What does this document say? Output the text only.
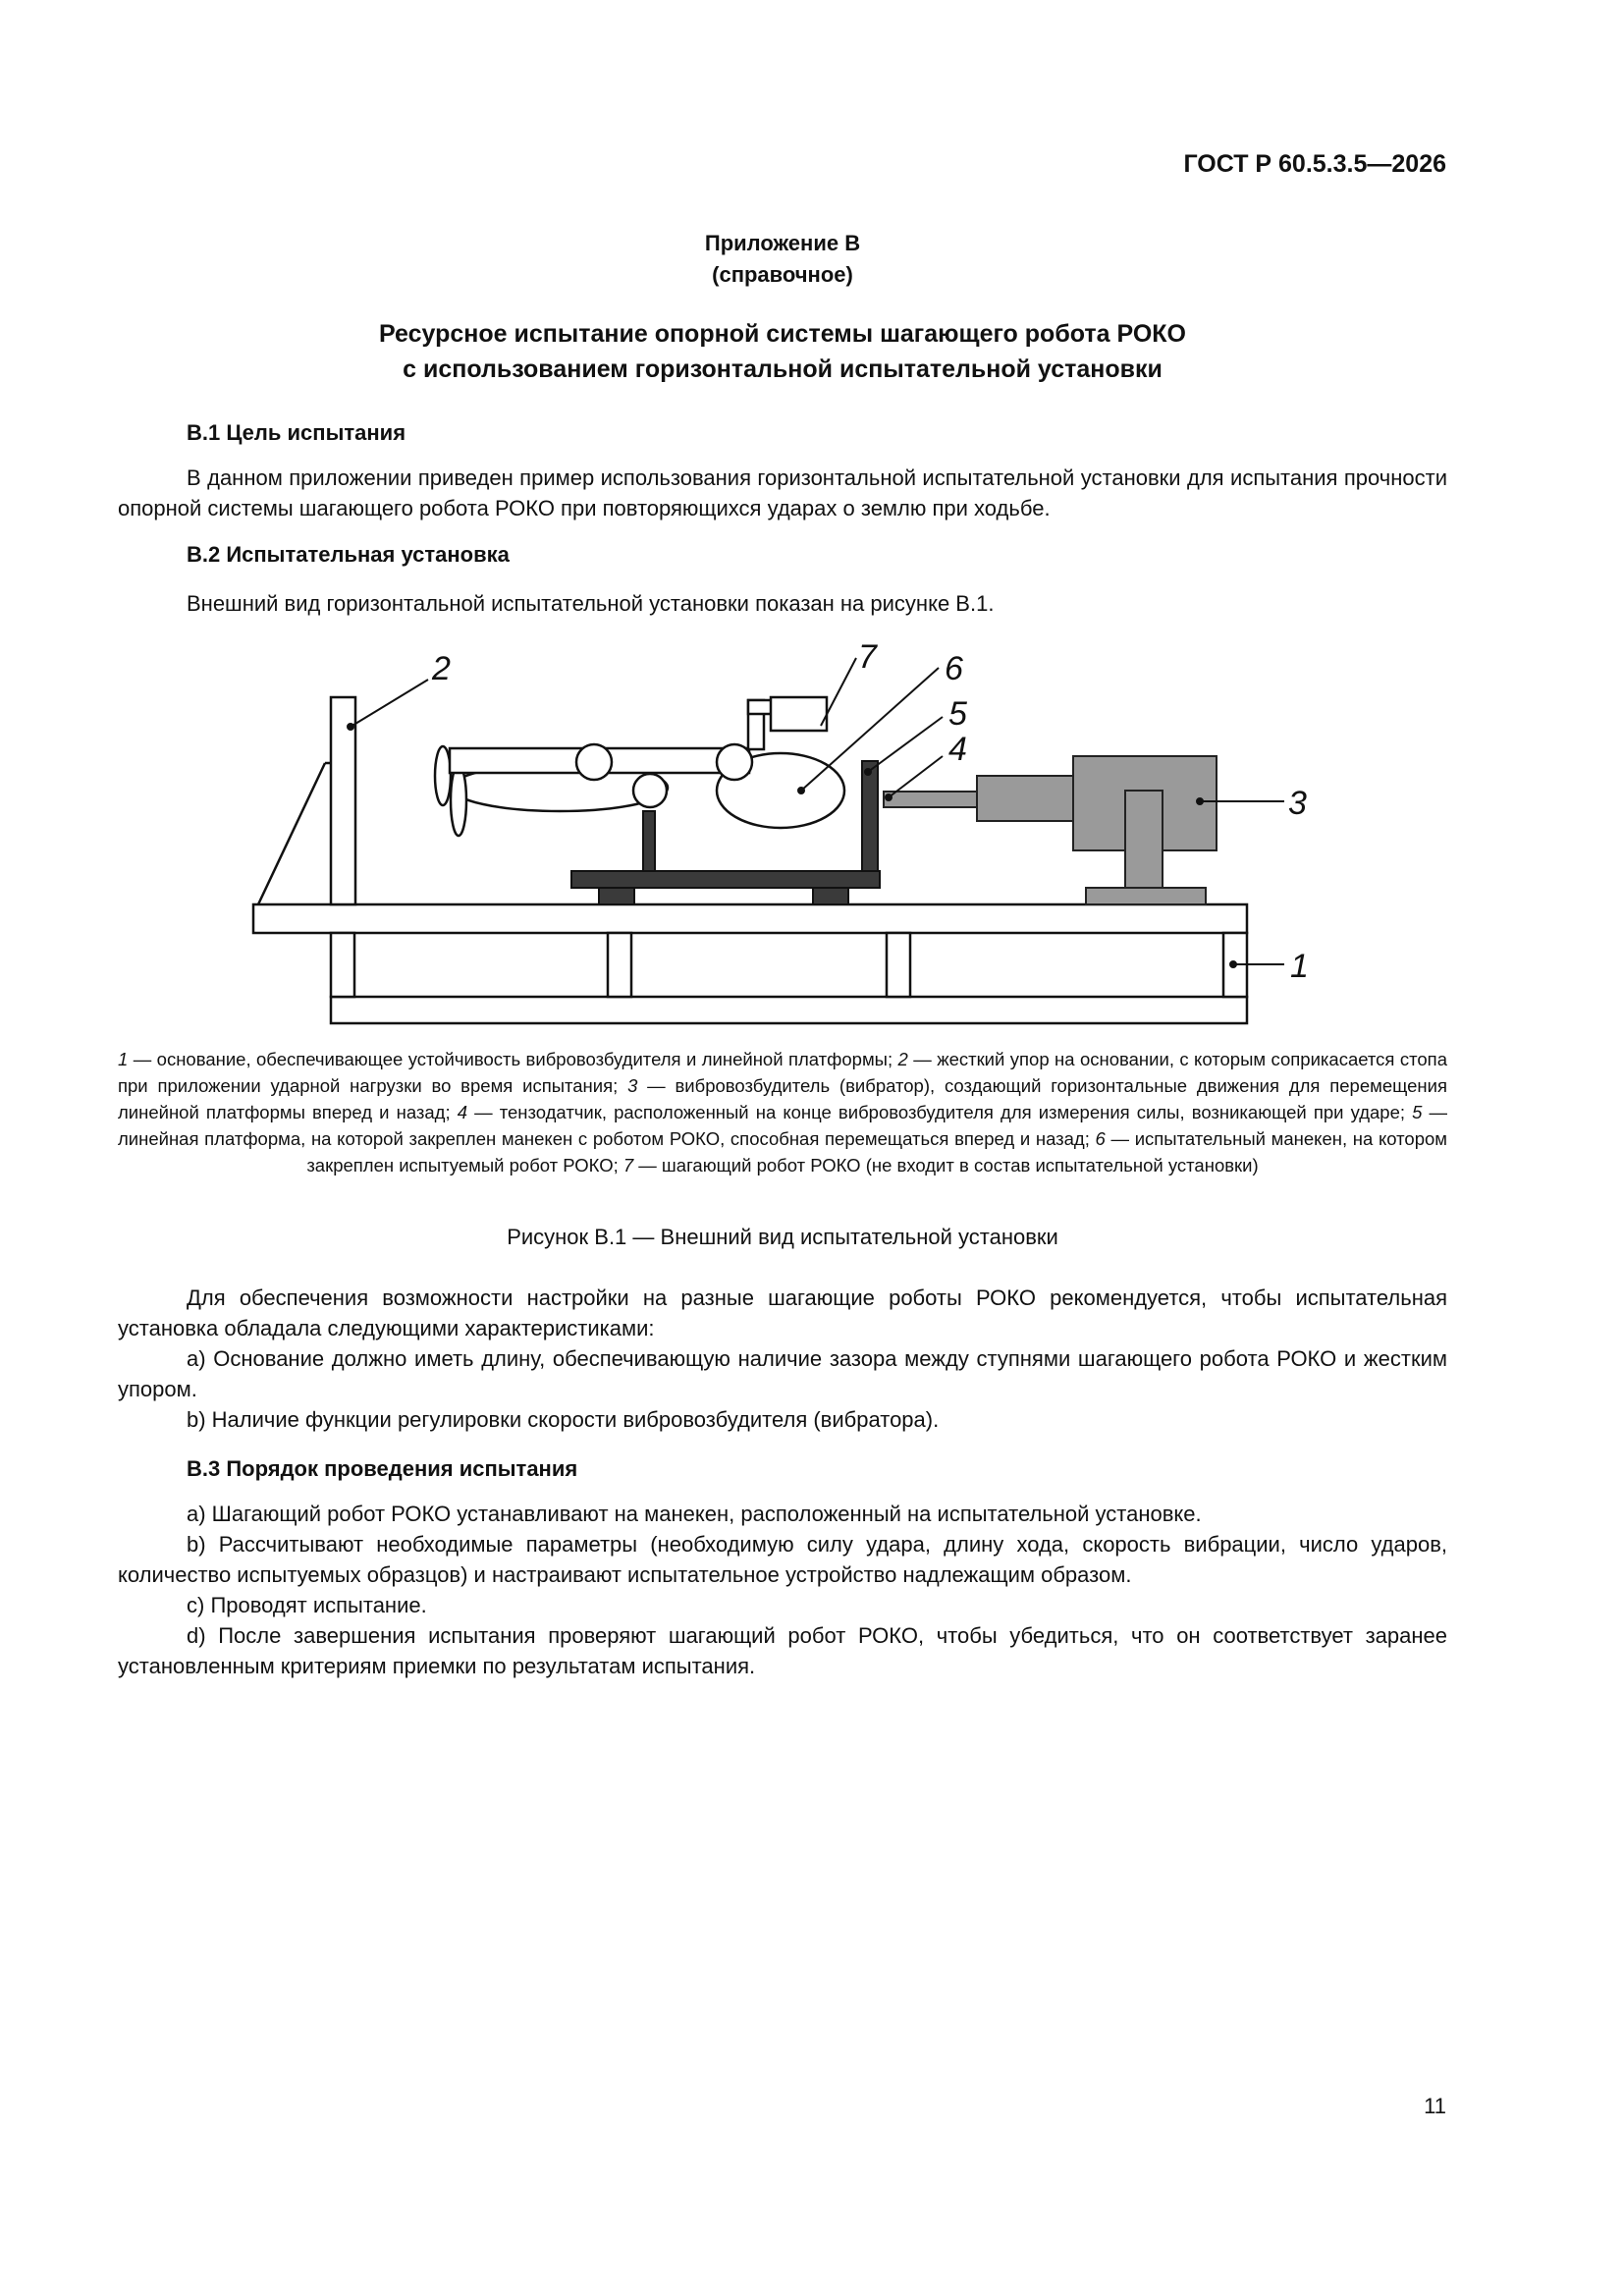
ГОСТ Р 60.5.3.5—2026
Приложение В
(справочное)
Ресурсное испытание опорной системы шагающего робота РОКО
с использованием горизонтальной испытательной установки
В.1 Цель испытания
В данном приложении приведен пример использования горизонтальной испытательной установки для испытания прочности опорной системы шагающего робота РОКО при повторяющихся ударах о землю при ходьбе.
В.2 Испытательная установка
Внешний вид горизонтальной испытательной установки показан на рисунке В.1.
2	7 6
5
4
3
1
1 — основание, обеспечивающее устойчивость вибровозбудителя и линейной платформы; 2 — жесткий упор на основании, с которым соприкасается стопа при приложении ударной нагрузки во время испытания; 3 — вибровозбудитель (вибратор), создающий горизонтальные движения для перемещения линейной платформы вперед и назад; 4 — тензодатчик, расположенный на конце вибровозбудителя для измерения силы, возникающей при ударе; 5 — линейная платформа, на которой закреплен манекен с роботом РОКО, способная перемещаться вперед и назад; 6 — испытательный манекен, на котором закреплен испытуемый робот РОКО; 7 — шагающий робот РОКО (не входит в состав испытательной установки)
Рисунок В.1 — Внешний вид испытательной установки
Для обеспечения возможности настройки на разные шагающие роботы РОКО рекомендуется, чтобы испытательная установка обладала следующими характеристиками:
a) Основание должно иметь длину, обеспечивающую наличие зазора между ступнями шагающего робота РОКО и жестким упором.
b) Наличие функции регулировки скорости вибровозбудителя (вибратора).
В.3 Порядок проведения испытания
a) Шагающий робот РОКО устанавливают на манекен, расположенный на испытательной установке.
b) Рассчитывают необходимые параметры (необходимую силу удара, длину хода, скорость вибрации, число ударов, количество испытуемых образцов) и настраивают испытательное устройство надлежащим образом.
c) Проводят испытание.
d) После завершения испытания проверяют шагающий робот РОКО, чтобы убедиться, что он соответствует заранее установленным критериям приемки по результатам испытания.
11
